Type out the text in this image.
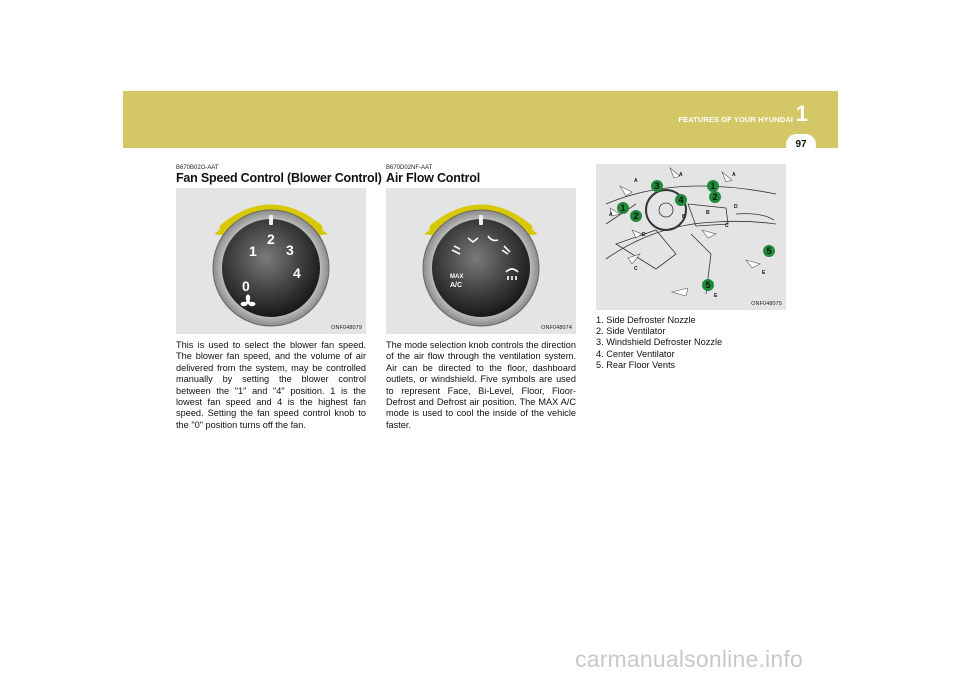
FEATURES OF YOUR HYUNDAI 1
97

B670B02O-AAT

Fan Speed Control (Blower Control)

0
1
2
3
4
ONF048079

This is used to select the blower fan speed. The blower fan speed, and the volume of air delivered from the system, may be controlled manually by setting the blower control between the "1" and "4" position. 1 is the lowest fan speed and 4 is the highest fan speed. Setting the fan speed control knob to the "0" position turns off the fan.

B670D02NF-AAT

Air Flow Control

MAX
A/C
ONF048074

The mode selection knob controls the direction of the air flow through the ventilation system. Air can be directed to the floor, dashboard outlets, or windshield. Five symbols are used to represent Face, Bi-Level, Floor, Floor-Defrost and Defrost air position. The MAX A/C mode is used to cool the inside of the vehicle faster.

1
2
3
4
1
2
5
5
A
A	A
A	B
B
C
C
D
D
E
E
ONF048075
1. Side Defroster Nozzle
2. Side Ventilator
3. Windshield Defroster Nozzle
4. Center Ventilator
5. Rear Floor Vents
carmanualsonline.info
